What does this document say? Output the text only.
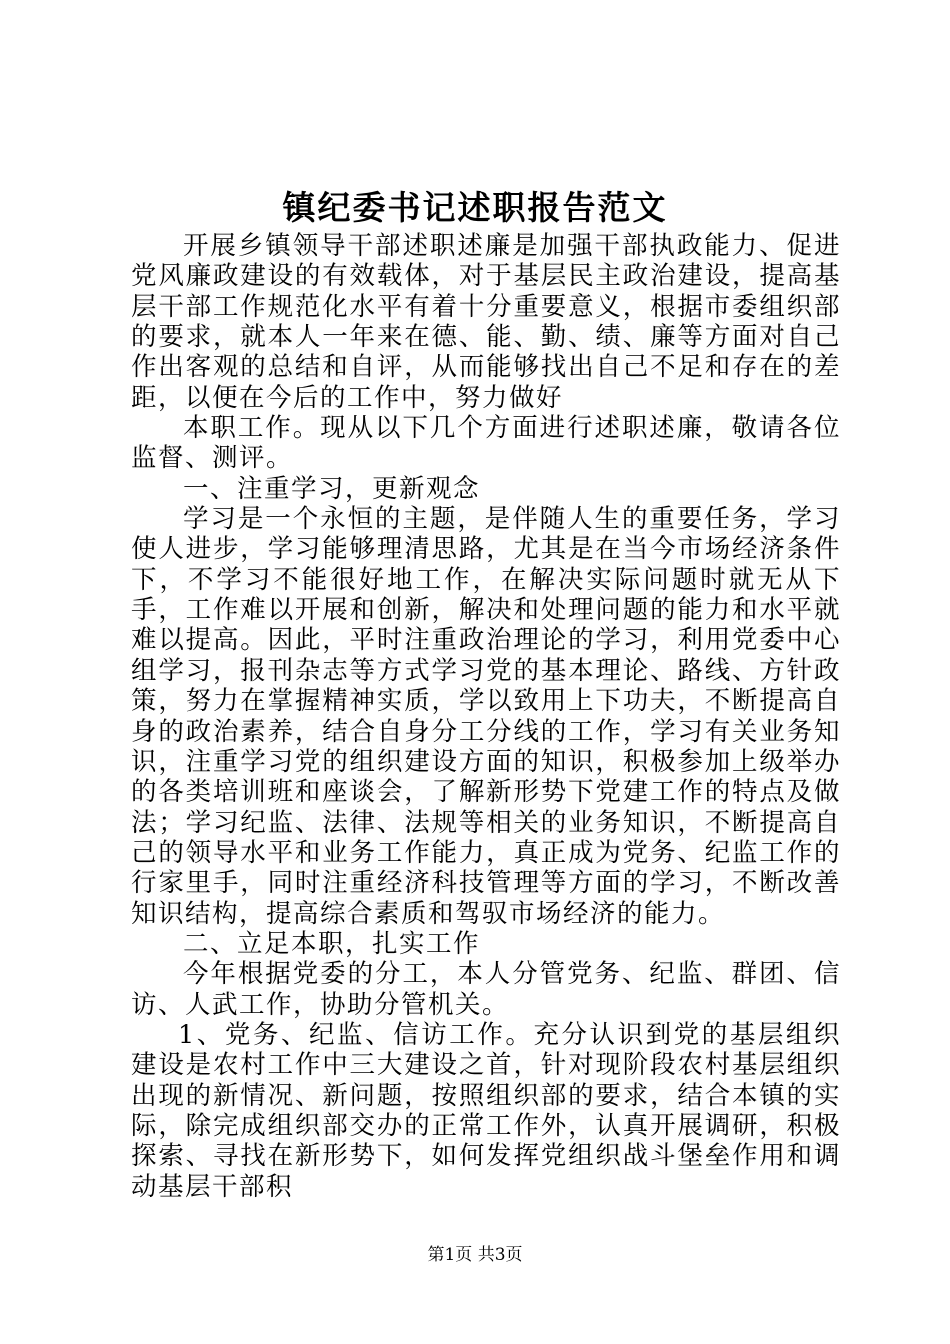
镇纪委书记述职报告范文

开展乡镇领导干部述职述廉是加强干部执政能力、促进党风廉政建设的有效载体，对于基层民主政治建设，提高基层干部工作规范化水平有着十分重要意义，根据市委组织部的要求，就本人一年来在德、能、勤、绩、廉等方面对自己作出客观的总结和自评，从而能够找出自己不足和存在的差距，以便在今后的工作中，努力做好

本职工作。现从以下几个方面进行述职述廉，敬请各位监督、测评。

一、注重学习，更新观念

学习是一个永恒的主题，是伴随人生的重要任务，学习使人进步，学习能够理清思路，尤其是在当今市场经济条件下，不学习不能很好地工作，在解决实际问题时就无从下手，工作难以开展和创新，解决和处理问题的能力和水平就难以提高。因此，平时注重政治理论的学习，利用党委中心组学习，报刊杂志等方式学习党的基本理论、路线、方针政策，努力在掌握精神实质，学以致用上下功夫，不断提高自身的政治素养，结合自身分工分线的工作，学习有关业务知识，注重学习党的组织建设方面的知识，积极参加上级举办的各类培训班和座谈会，了解新形势下党建工作的特点及做法；学习纪监、法律、法规等相关的业务知识，不断提高自己的领导水平和业务工作能力，真正成为党务、纪监工作的行家里手，同时注重经济科技管理等方面的学习，不断改善知识结构，提高综合素质和驾驭市场经济的能力。

二、立足本职，扎实工作

今年根据党委的分工，本人分管党务、纪监、群团、信访、人武工作，协助分管机关。

1、党务、纪监、信访工作。充分认识到党的基层组织建设是农村工作中三大建设之首，针对现阶段农村基层组织出现的新情况、新问题，按照组织部的要求，结合本镇的实际，除完成组织部交办的正常工作外，认真开展调研，积极探索、寻找在新形势下，如何发挥党组织战斗堡垒作用和调动基层干部积

第1页 共3页
